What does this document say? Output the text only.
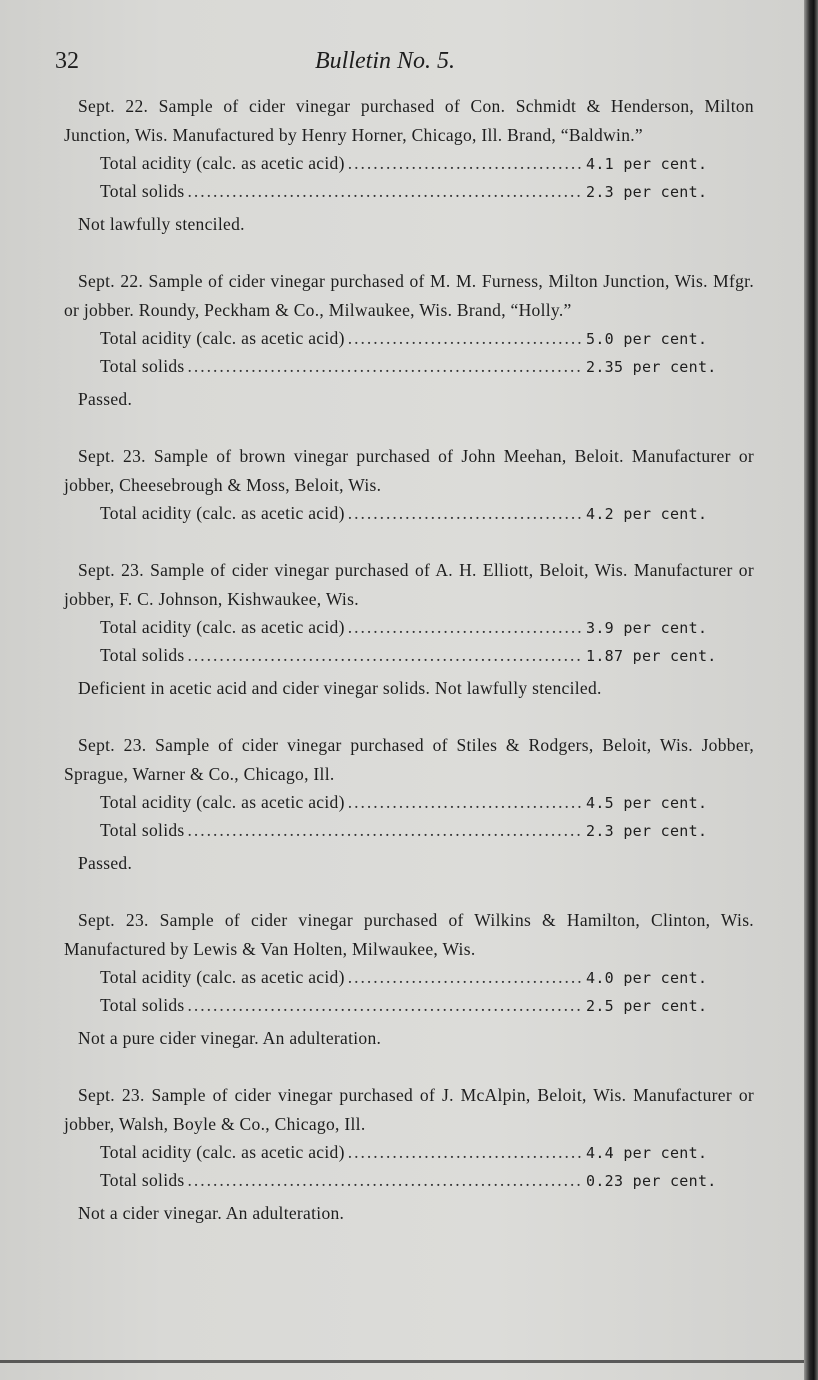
32	Bulletin No. 5.

Sept. 22. Sample of cider vinegar purchased of Con. Schmidt & Henderson, Milton Junction, Wis. Manufactured by Henry Horner, Chicago, Ill. Brand, “Baldwin.”

Total acidity (calc. as acetic acid) .....	4.1 per cent.
Total solids .....	2.3 per cent.

Not lawfully stenciled.

Sept. 22. Sample of cider vinegar purchased of M. M. Furness, Milton Junction, Wis. Mfgr. or jobber. Roundy, Peckham & Co., Milwaukee, Wis. Brand, “Holly.”

Total acidity (calc. as acetic acid) .....	5.0 per cent.
Total solids .....	2.35 per cent.

Passed.

Sept. 23. Sample of brown vinegar purchased of John Meehan, Beloit. Manufacturer or jobber, Cheesebrough & Moss, Beloit, Wis.

Total acidity (calc. as acetic acid) .....	4.2 per cent.

Sept. 23. Sample of cider vinegar purchased of A. H. Elliott, Beloit, Wis. Manufacturer or jobber, F. C. Johnson, Kishwaukee, Wis.

Total acidity (calc. as acetic acid) .....	3.9 per cent.
Total solids .....	1.87 per cent.

Deficient in acetic acid and cider vinegar solids. Not lawfully stenciled.

Sept. 23. Sample of cider vinegar purchased of Stiles & Rodgers, Beloit, Wis. Jobber, Sprague, Warner & Co., Chicago, Ill.

Total acidity (calc. as acetic acid) .....	4.5 per cent.
Total solids .....	2.3 per cent.

Passed.

Sept. 23. Sample of cider vinegar purchased of Wilkins & Hamilton, Clinton, Wis. Manufactured by Lewis & Van Holten, Milwaukee, Wis.

Total acidity (calc. as acetic acid) .....	4.0 per cent.
Total solids .....	2.5 per cent.

Not a pure cider vinegar. An adulteration.

Sept. 23. Sample of cider vinegar purchased of J. McAlpin, Beloit, Wis. Manufacturer or jobber, Walsh, Boyle & Co., Chicago, Ill.

Total acidity (calc. as acetic acid) .....	4.4 per cent.
Total solids .....	0.23 per cent.

Not a cider vinegar. An adulteration.
